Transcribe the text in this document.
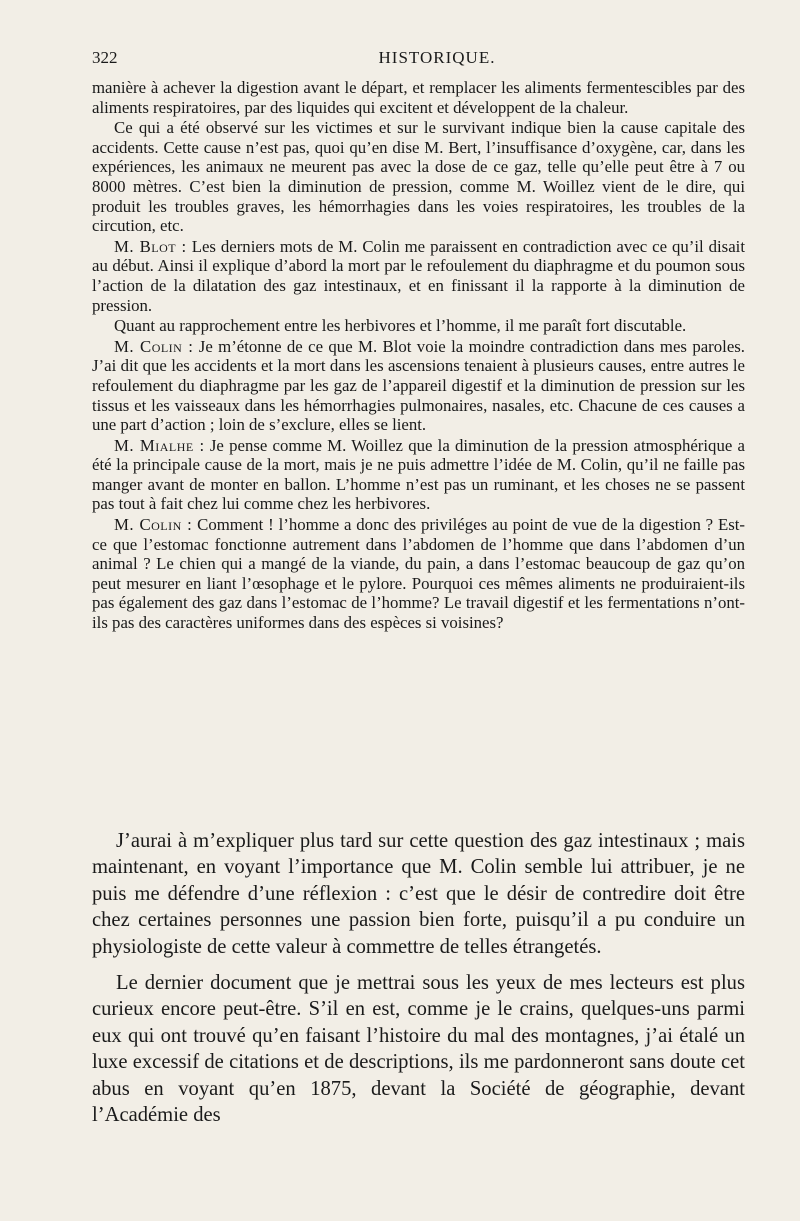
322	HISTORIQUE.

manière à achever la digestion avant le départ, et remplacer les aliments fermentescibles par des aliments respiratoires, par des liquides qui excitent et développent de la chaleur.

Ce qui a été observé sur les victimes et sur le survivant indique bien la cause capitale des accidents. Cette cause n’est pas, quoi qu’en dise M. Bert, l’insuffisance d’oxygène, car, dans les expériences, les animaux ne meurent pas avec la dose de ce gaz, telle qu’elle peut être à 7 ou 8000 mètres. C’est bien la diminution de pression, comme M. Woillez vient de le dire, qui produit les troubles graves, les hémorrhagies dans les voies respiratoires, les troubles de la circution, etc.

M. Blot : Les derniers mots de M. Colin me paraissent en contradiction avec ce qu’il disait au début. Ainsi il explique d’abord la mort par le refoulement du diaphragme et du poumon sous l’action de la dilatation des gaz intestinaux, et en finissant il la rapporte à la diminution de pression.

Quant au rapprochement entre les herbivores et l’homme, il me paraît fort discutable.

M. Colin : Je m’étonne de ce que M. Blot voie la moindre contradiction dans mes paroles. J’ai dit que les accidents et la mort dans les ascensions tenaient à plusieurs causes, entre autres le refoulement du diaphragme par les gaz de l’appareil digestif et la diminution de pression sur les tissus et les vaisseaux dans les hémorrhagies pulmonaires, nasales, etc. Chacune de ces causes a une part d’action ; loin de s’exclure, elles se lient.

M. Mialhe : Je pense comme M. Woillez que la diminution de la pression atmosphérique a été la principale cause de la mort, mais je ne puis admettre l’idée de M. Colin, qu’il ne faille pas manger avant de monter en ballon. L’homme n’est pas un ruminant, et les choses ne se passent pas tout à fait chez lui comme chez les herbivores.

M. Colin : Comment ! l’homme a donc des priviléges au point de vue de la digestion ? Est-ce que l’estomac fonctionne autrement dans l’abdomen de l’homme que dans l’abdomen d’un animal ? Le chien qui a mangé de la viande, du pain, a dans l’estomac beaucoup de gaz qu’on peut mesurer en liant l’œsophage et le pylore. Pourquoi ces mêmes aliments ne produiraient-ils pas également des gaz dans l’estomac de l’homme? Le travail digestif et les fermentations n’ont-ils pas des caractères uniformes dans des espèces si voisines?

J’aurai à m’expliquer plus tard sur cette question des gaz intestinaux ; mais maintenant, en voyant l’importance que M. Colin semble lui attribuer, je ne puis me défendre d’une réflexion : c’est que le désir de contredire doit être chez certaines personnes une passion bien forte, puisqu’il a pu conduire un physiologiste de cette valeur à commettre de telles étrangetés.

Le dernier document que je mettrai sous les yeux de mes lecteurs est plus curieux encore peut-être. S’il en est, comme je le crains, quelques-uns parmi eux qui ont trouvé qu’en faisant l’histoire du mal des montagnes, j’ai étalé un luxe excessif de citations et de descriptions, ils me pardonneront sans doute cet abus en voyant qu’en 1875, devant la Société de géographie, devant l’Académie des
